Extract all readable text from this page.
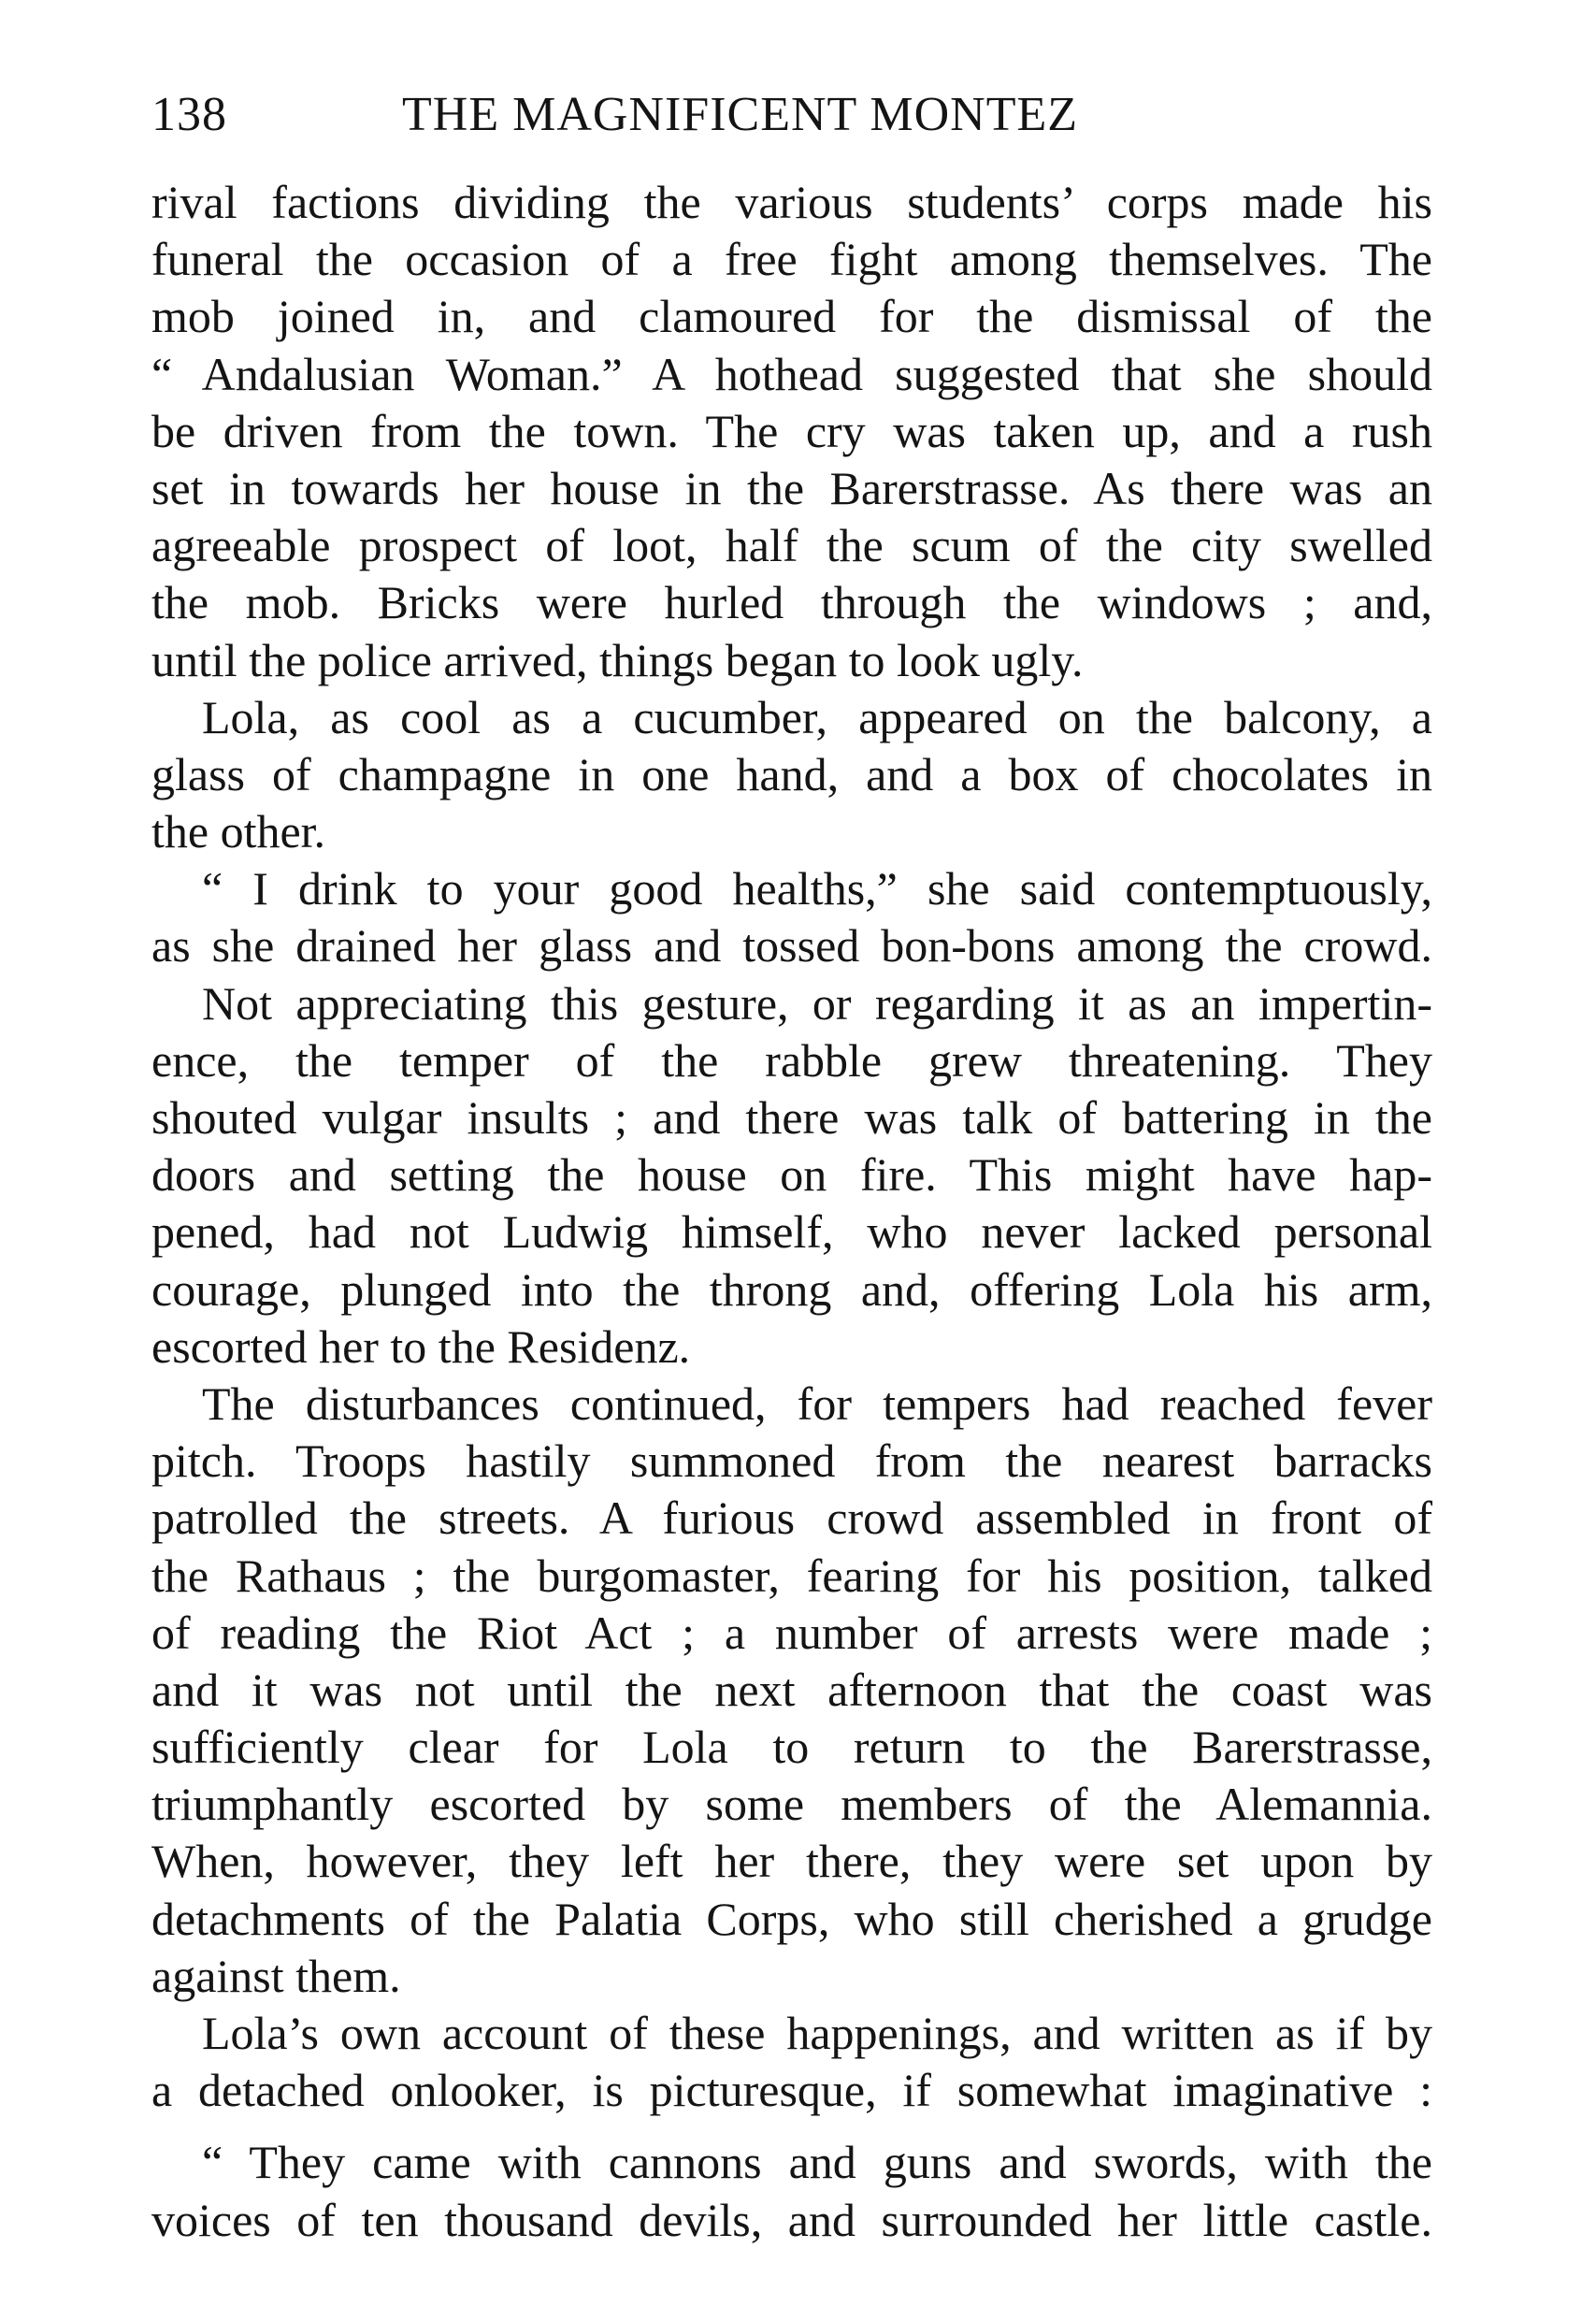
138	THE MAGNIFICENT MONTEZ
rival factions dividing the various students’ corps made his
funeral the occasion of a free fight among themselves. The
mob joined in, and clamoured for the dismissal of the
“ Andalusian Woman.” A hothead suggested that she should
be driven from the town. The cry was taken up, and a rush
set in towards her house in the Barerstrasse. As there was an
agreeable prospect of loot, half the scum of the city swelled
the mob. Bricks were hurled through the windows ; and,
until the police arrived, things began to look ugly.
Lola, as cool as a cucumber, appeared on the balcony, a
glass of champagne in one hand, and a box of chocolates in
the other.
“ I drink to your good healths,” she said contemptuously,
as she drained her glass and tossed bon-bons among the crowd.
Not appreciating this gesture, or regarding it as an impertin-
ence, the temper of the rabble grew threatening. They
shouted vulgar insults ; and there was talk of battering in the
doors and setting the house on fire. This might have hap-
pened, had not Ludwig himself, who never lacked personal
courage, plunged into the throng and, offering Lola his arm,
escorted her to the Residenz.
The disturbances continued, for tempers had reached fever
pitch. Troops hastily summoned from the nearest barracks
patrolled the streets. A furious crowd assembled in front of
the Rathaus ; the burgomaster, fearing for his position, talked
of reading the Riot Act ; a number of arrests were made ;
and it was not until the next afternoon that the coast was
sufficiently clear for Lola to return to the Barerstrasse,
triumphantly escorted by some members of the Alemannia.
When, however, they left her there, they were set upon by
detachments of the Palatia Corps, who still cherished a grudge
against them.
Lola’s own account of these happenings, and written as if by
a detached onlooker, is picturesque, if somewhat imaginative :
“ They came with cannons and guns and swords, with the
voices of ten thousand devils, and surrounded her little castle.
